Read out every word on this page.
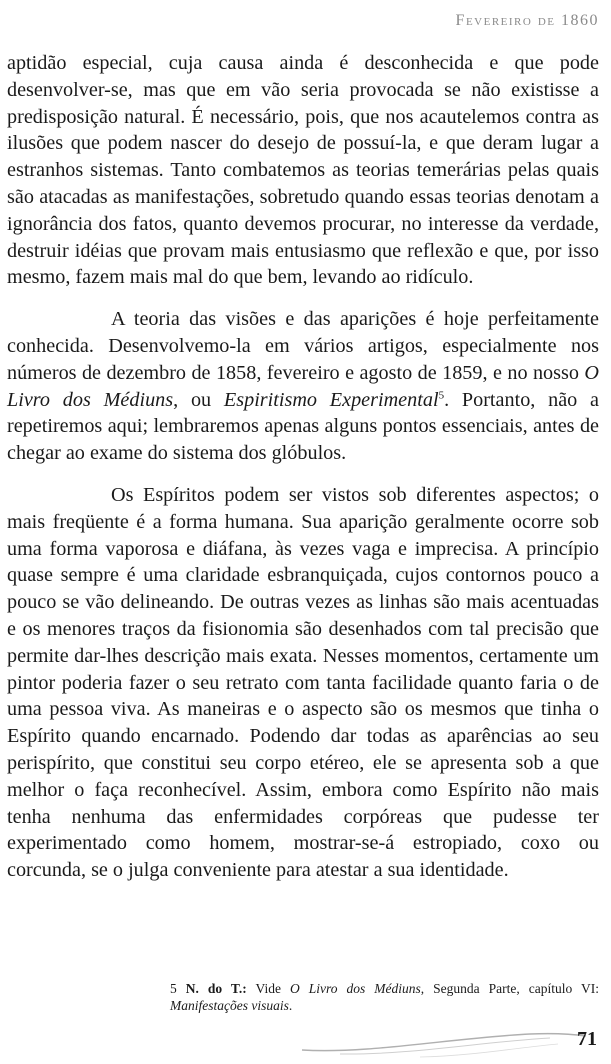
Fevereiro de 1860

aptidão especial, cuja causa ainda é desconhecida e que pode desenvolver-se, mas que em vão seria provocada se não existisse a predisposição natural. É necessário, pois, que nos acautelemos contra as ilusões que podem nascer do desejo de possuí-la, e que deram lugar a estranhos sistemas. Tanto combatemos as teorias temerárias pelas quais são atacadas as manifestações, sobretudo quando essas teorias denotam a ignorância dos fatos, quanto devemos procurar, no interesse da verdade, destruir idéias que provam mais entusiasmo que reflexão e que, por isso mesmo, fazem mais mal do que bem, levando ao ridículo.

A teoria das visões e das aparições é hoje perfeitamente conhecida. Desenvolvemo-la em vários artigos, especialmente nos números de dezembro de 1858, fevereiro e agosto de 1859, e no nosso O Livro dos Médiuns, ou Espiritismo Experimental$^5$. Portanto, não a repetiremos aqui; lembraremos apenas alguns pontos essenciais, antes de chegar ao exame do sistema dos glóbulos.

Os Espíritos podem ser vistos sob diferentes aspectos; o mais freqüente é a forma humana. Sua aparição geralmente ocorre sob uma forma vaporosa e diáfana, às vezes vaga e imprecisa. A princípio quase sempre é uma claridade esbranquiçada, cujos contornos pouco a pouco se vão delineando. De outras vezes as linhas são mais acentuadas e os menores traços da fisionomia são desenhados com tal precisão que permite dar-lhes descrição mais exata. Nesses momentos, certamente um pintor poderia fazer o seu retrato com tanta facilidade quanto faria o de uma pessoa viva. As maneiras e o aspecto são os mesmos que tinha o Espírito quando encarnado. Podendo dar todas as aparências ao seu perispírito, que constitui seu corpo etéreo, ele se apresenta sob a que melhor o faça reconhecível. Assim, embora como Espírito não mais tenha nenhuma das enfermidades corpóreas que pudesse ter experimentado como homem, mostrar-se-á estropiado, coxo ou corcunda, se o julga conveniente para atestar a sua identidade.

5 N. do T.: Vide O Livro dos Médiuns, Segunda Parte, capítulo VI: Manifestações visuais.
71
